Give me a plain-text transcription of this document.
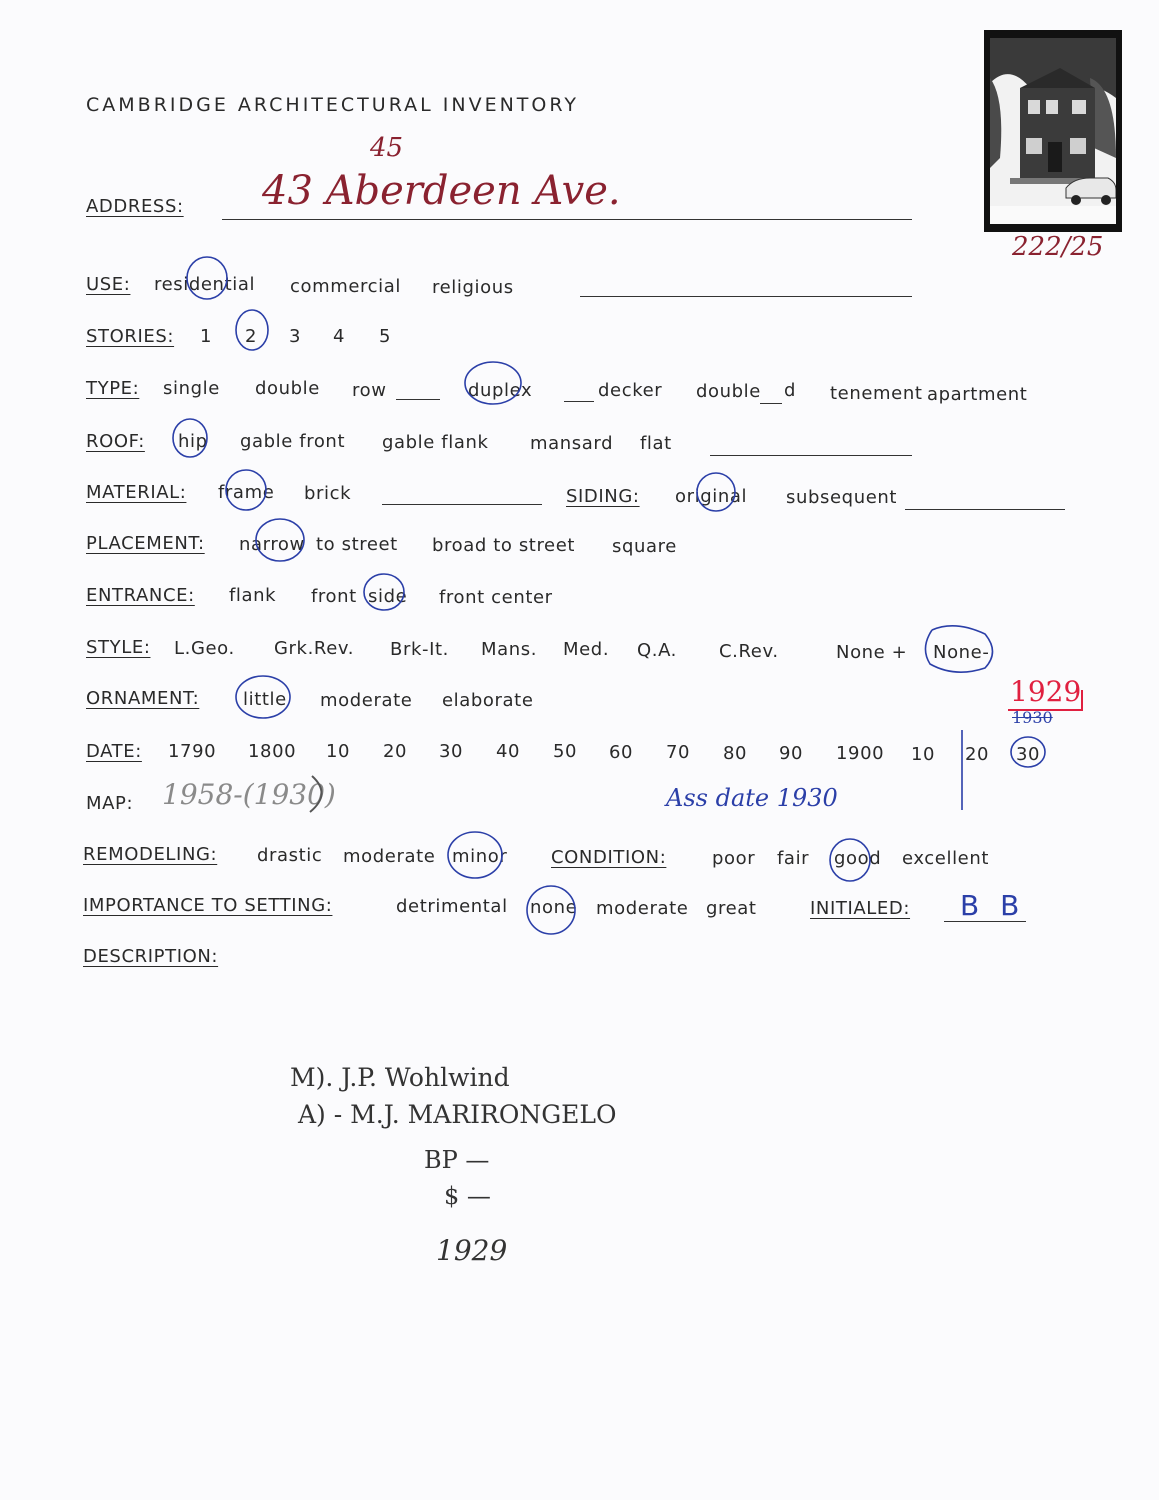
CAMBRIDGE ARCHITECTURAL INVENTORY
222/25
ADDRESS: 43 Aberdeen Ave.
45
USE: residential commercial religious
STORIES: 1 2 3 4 5
TYPE: single double row	duplex	decker double d tenement apartment
ROOF: hip gable front gable flank mansard flat
MATERIAL: frame brick	SIDING: original subsequent
PLACEMENT: narrow to street broad to street square
ENTRANCE: flank front side front center
STYLE: L.Geo. Grk.Rev. Brk-It. Mans. Med. Q.A. C.Rev.	None + None-
ORNAMENT: little moderate elaborate	1929
1930
DATE: 1790 1800 10 20 30 40 50 60 70 80 90 1900 10 20 30
MAP: 1958-(1930)	Ass date 1930
REMODELING: drastic moderate minor CONDITION:	poor fair good excellent
IMPORTANCE TO SETTING:	detrimental none moderate great	INITIALED: B B
DESCRIPTION:
M). J.P. Wohlwind
A) - M.J. MARIRONGELO
BP —
$ —
1929
